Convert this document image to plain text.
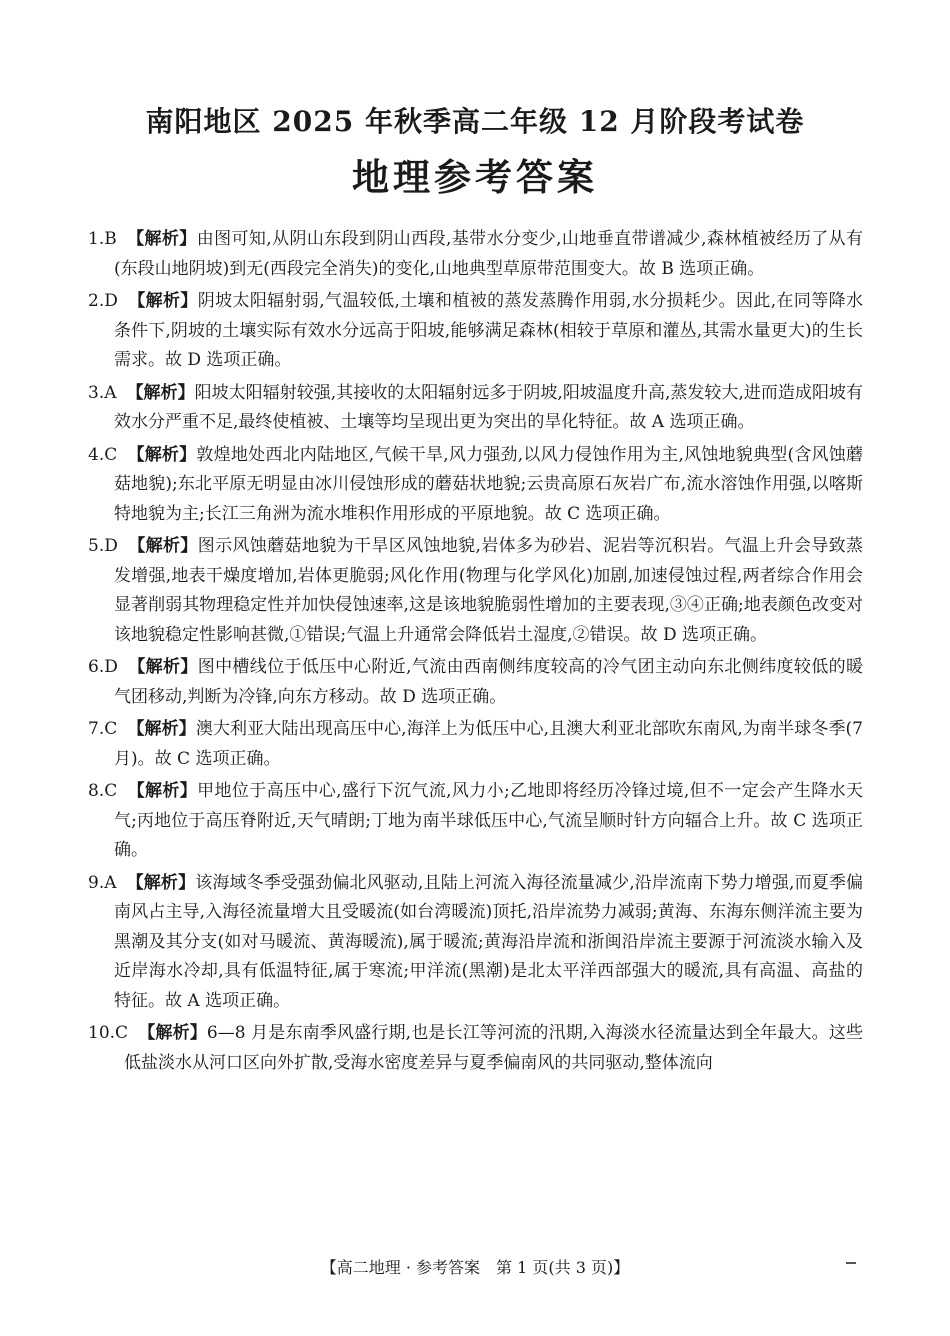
南阳地区 2025 年秋季高二年级 12 月阶段考试卷
地理参考答案

1.B 【解析】由图可知,从阴山东段到阴山西段,基带水分变少,山地垂直带谱减少,森林植被经历了从有(东段山地阴坡)到无(西段完全消失)的变化,山地典型草原带范围变大。故 B 选项正确。

2.D 【解析】阴坡太阳辐射弱,气温较低,土壤和植被的蒸发蒸腾作用弱,水分损耗少。因此,在同等降水条件下,阴坡的土壤实际有效水分远高于阳坡,能够满足森林(相较于草原和灌丛,其需水量更大)的生长需求。故 D 选项正确。

3.A 【解析】阳坡太阳辐射较强,其接收的太阳辐射远多于阴坡,阳坡温度升高,蒸发较大,进而造成阳坡有效水分严重不足,最终使植被、土壤等均呈现出更为突出的旱化特征。故 A 选项正确。

4.C 【解析】敦煌地处西北内陆地区,气候干旱,风力强劲,以风力侵蚀作用为主,风蚀地貌典型(含风蚀蘑菇地貌);东北平原无明显由冰川侵蚀形成的蘑菇状地貌;云贵高原石灰岩广布,流水溶蚀作用强,以喀斯特地貌为主;长江三角洲为流水堆积作用形成的平原地貌。故 C 选项正确。

5.D 【解析】图示风蚀蘑菇地貌为干旱区风蚀地貌,岩体多为砂岩、泥岩等沉积岩。气温上升会导致蒸发增强,地表干燥度增加,岩体更脆弱;风化作用(物理与化学风化)加剧,加速侵蚀过程,两者综合作用会显著削弱其物理稳定性并加快侵蚀速率,这是该地貌脆弱性增加的主要表现,③④正确;地表颜色改变对该地貌稳定性影响甚微,①错误;气温上升通常会降低岩土湿度,②错误。故 D 选项正确。

6.D 【解析】图中槽线位于低压中心附近,气流由西南侧纬度较高的冷气团主动向东北侧纬度较低的暖气团移动,判断为冷锋,向东方移动。故 D 选项正确。

7.C 【解析】澳大利亚大陆出现高压中心,海洋上为低压中心,且澳大利亚北部吹东南风,为南半球冬季(7 月)。故 C 选项正确。

8.C 【解析】甲地位于高压中心,盛行下沉气流,风力小;乙地即将经历冷锋过境,但不一定会产生降水天气;丙地位于高压脊附近,天气晴朗;丁地为南半球低压中心,气流呈顺时针方向辐合上升。故 C 选项正确。

9.A 【解析】该海域冬季受强劲偏北风驱动,且陆上河流入海径流量减少,沿岸流南下势力增强,而夏季偏南风占主导,入海径流量增大且受暖流(如台湾暖流)顶托,沿岸流势力减弱;黄海、东海东侧洋流主要为黑潮及其分支(如对马暖流、黄海暖流),属于暖流;黄海沿岸流和浙闽沿岸流主要源于河流淡水输入及近岸海水冷却,具有低温特征,属于寒流;甲洋流(黑潮)是北太平洋西部强大的暖流,具有高温、高盐的特征。故 A 选项正确。

10.C 【解析】6—8 月是东南季风盛行期,也是长江等河流的汛期,入海淡水径流量达到全年最大。这些低盐淡水从河口区向外扩散,受海水密度差异与夏季偏南风的共同驱动,整体流向

【高二地理 · 参考答案　第 1 页(共 3 页)】
